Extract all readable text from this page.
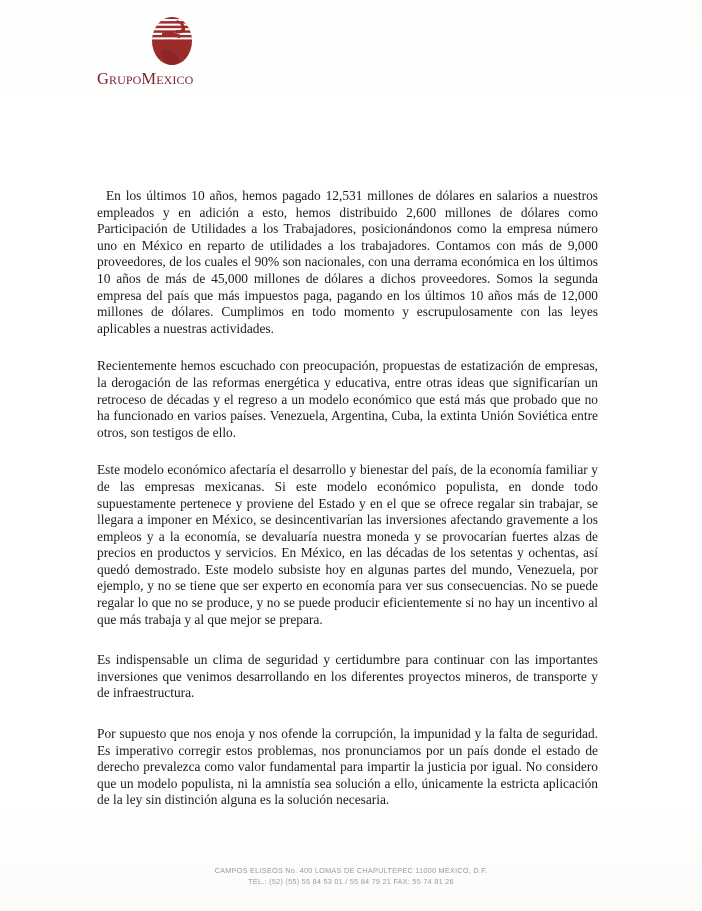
GrupoMexico

En los últimos 10 años, hemos pagado 12,531 millones de dólares en salarios a nuestros empleados y en adición a esto, hemos distribuido 2,600 millones de dólares como Participación de Utilidades a los Trabajadores, posicionándonos como la empresa número uno en México en reparto de utilidades a los trabajadores. Contamos con más de 9,000 proveedores, de los cuales el 90% son nacionales, con una derrama económica en los últimos 10 años de más de 45,000 millones de dólares a dichos proveedores. Somos la segunda empresa del país que más impuestos paga, pagando en los últimos 10 años más de 12,000 millones de dólares. Cumplimos en todo momento y escrupulosamente con las leyes aplicables a nuestras actividades.

Recientemente hemos escuchado con preocupación, propuestas de estatización de empresas, la derogación de las reformas energética y educativa, entre otras ideas que significarían un retroceso de décadas y el regreso a un modelo económico que está más que probado que no ha funcionado en varios países. Venezuela, Argentina, Cuba, la extinta Unión Soviética entre otros, son testigos de ello.

Este modelo económico afectaría el desarrollo y bienestar del país, de la economía familiar y de las empresas mexicanas. Si este modelo económico populista, en donde todo supuestamente pertenece y proviene del Estado y en el que se ofrece regalar sin trabajar, se llegara a imponer en México, se desincentivarían las inversiones afectando gravemente a los empleos y a la economía, se devaluaría nuestra moneda y se provocarían fuertes alzas de precios en productos y servicios. En México, en las décadas de los setentas y ochentas, así quedó demostrado. Este modelo subsiste hoy en algunas partes del mundo, Venezuela, por ejemplo, y no se tiene que ser experto en economía para ver sus consecuencias. No se puede regalar lo que no se produce, y no se puede producir eficientemente si no hay un incentivo al que más trabaja y al que mejor se prepara.

Es indispensable un clima de seguridad y certidumbre para continuar con las importantes inversiones que venimos desarrollando en los diferentes proyectos mineros, de transporte y de infraestructura.

Por supuesto que nos enoja y nos ofende la corrupción, la impunidad y la falta de seguridad. Es imperativo corregir estos problemas, nos pronunciamos por un país donde el estado de derecho prevalezca como valor fundamental para impartir la justicia por igual. No considero que un modelo populista, ni la amnistía sea solución a ello, únicamente la estricta aplicación de la ley sin distinción alguna es la solución necesaria.

CAMPOS ELISEOS No. 400 LOMAS DE CHAPULTEPEC 11000 MEXICO, D.F.
TEL.: (52) (55) 55 84 53 01 / 55 84 79 21 FAX: 55 74 81 26
